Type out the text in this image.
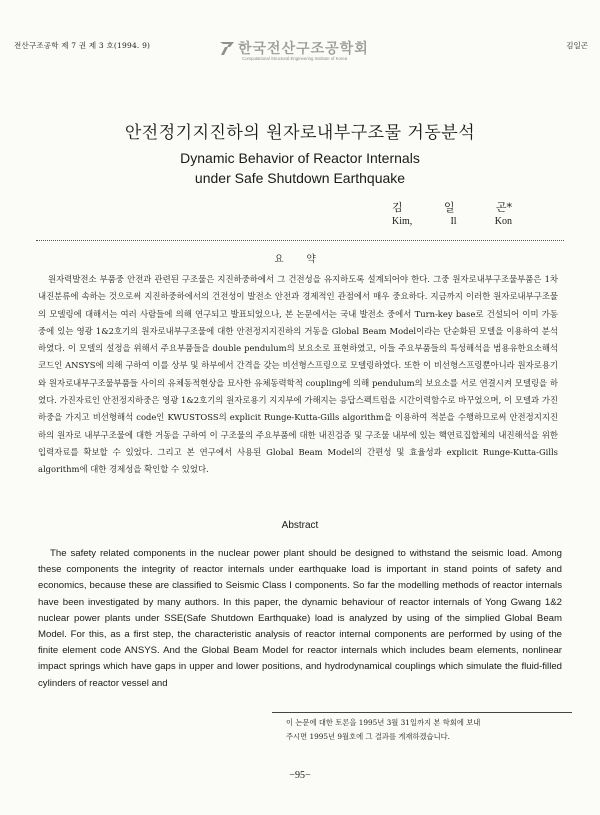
전산구조공학 제 7 권 제 3 호(1994. 9)	한국전산구조공학회
Computational Structural Engineering Institute of Korea
김일곤
안전정기지진하의 원자로내부구조물 거동분석
Dynamic Behavior of Reactor Internals
under Safe Shutdown Earthquake
김	일	곤*
Kim,	Il	Kon
요 약

원자력발전소 부품중 안전과 관련된 구조물은 지진하중하에서 그 건전성을 유지하도록 설계되어야 한다. 그중 원자로내부구조물부품은 1차 내진분류에 속하는 것으로써 지진하중하에서의 건전성이 발전소 안전과 경제적인 관점에서 매우 중요하다. 지금까지 이러한 원자로내부구조물의 모델링에 대해서는 여러 사람들에 의해 연구되고 발표되었으나, 본 논문에서는 국내 발전소 중에서 Turn-key base로 건설되어 이미 가동 중에 있는 영광 1&2호기의 원자로내부구조물에 대한 안전정지지진하의 거동을 Global Beam Model이라는 단순화된 모델을 이용하여 분석하였다. 이 모델의 설정을 위해서 주요부품들을 double pendulum의 보요소로 표현하였고, 이들 주요부품들의 특성해석을 범용유한요소해석코드인 ANSYS에 의해 구하여 이를 상부 및 하부에서 간격을 갖는 비선형스프링으로 모델링하였다. 또한 이 비선형스프링뿐아니라 원자로용기와 원자로내부구조물부품들 사이의 유체동적현상을 묘사한 유체동력학적 coupling에 의해 pendulum의 보요소를 서로 연결시켜 모델링을 하였다. 가진자료인 안전정지하중은 영광 1&2호기의 원자로용기 지지부에 가해지는 응답스펙트럼을 시간이력함수로 바꾸었으며, 이 모델과 가진 하중을 가지고 비선형해석 code인 KWUSTOSS의 explicit Runge-Kutta-Gills algorithm을 이용하여 적분을 수행하므로써 안전정지지진하의 원자로 내부구조물에 대한 거동을 구하여 이 구조물의 주요부품에 대한 내진검증 및 구조물 내부에 있는 핵연료집합체의 내진해석을 위한 입력자료를 확보할 수 있었다. 그리고 본 연구에서 사용된 Global Beam Model의 간편성 및 효율성과 explicit Runge-Kutta-Gills algorithm에 대한 경제성을 확인할 수 있었다.

Abstract

The safety related components in the nuclear power plant should be designed to withstand the seismic load. Among these components the integrity of reactor internals under earthquake load is important in stand points of safety and economics, because these are classified to Seismic Class I components. So far the modelling methods of reactor internals have been investigated by many authors. In this paper, the dynamic behaviour of reactor internals of Yong Gwang 1&2 nuclear power plants under SSE(Safe Shutdown Earthquake) load is analyzed by using of the simplied Global Beam Model. For this, as a first step, the characteristic analysis of reactor internal components are performed by using of the finite element code ANSYS. And the Global Beam Model for reactor internals which includes beam elements, nonlinear impact springs which have gaps in upper and lower positions, and hydrodynamical couplings which simulate the fluid-filled cylinders of reactor vessel and

이 논문에 대한 토론을 1995년 3월 31일까지 본 학회에 보내
주시면 1995년 9월호에 그 결과를 게재하겠습니다.
−95−
